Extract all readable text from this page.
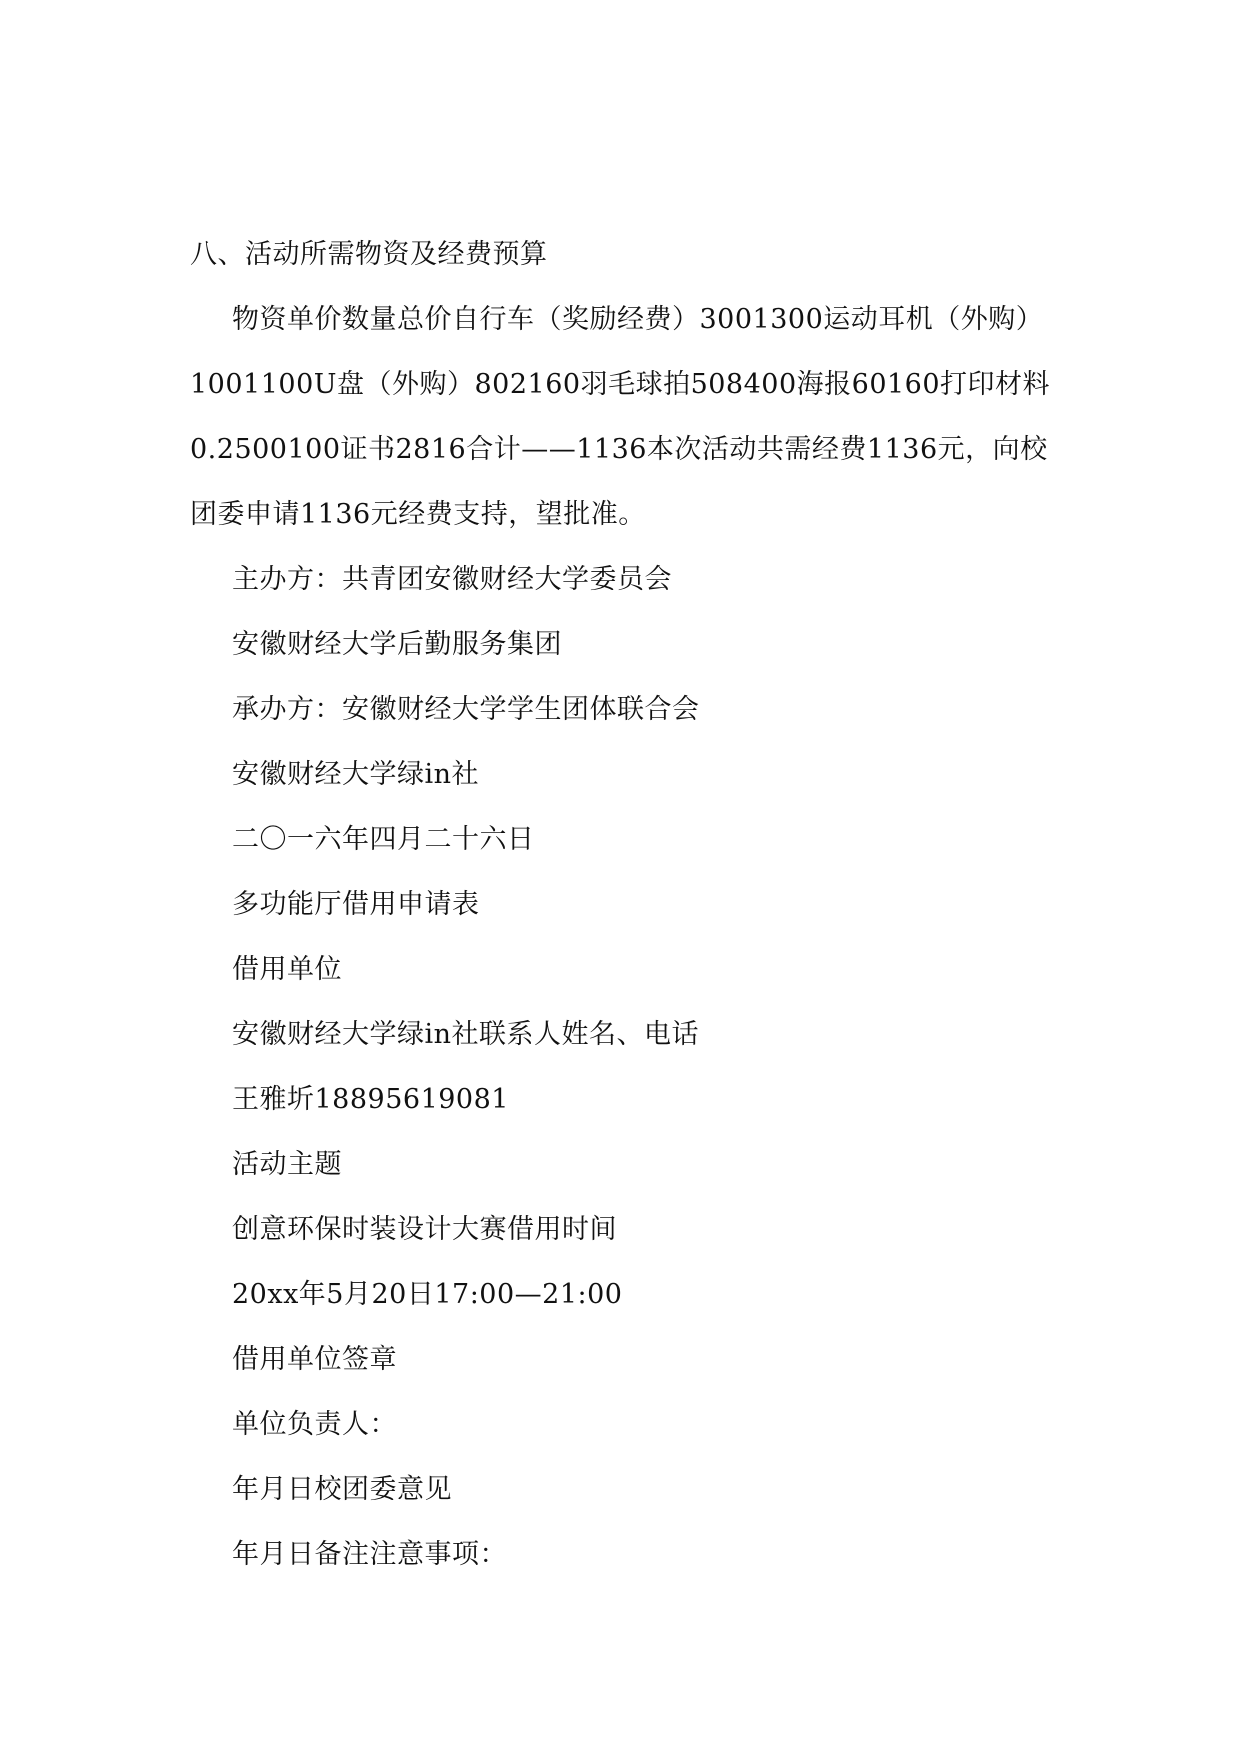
八、活动所需物资及经费预算
物资单价数量总价自行车（奖励经费）3001300运动耳机（外购）
1001100U盘（外购）802160羽毛球拍508400海报60160打印材料
0.2500100证书2816合计——1136本次活动共需经费1136元，向校
团委申请1136元经费支持，望批准。
主办方：共青团安徽财经大学委员会
安徽财经大学后勤服务集团
承办方：安徽财经大学学生团体联合会
安徽财经大学绿in社
二〇一六年四月二十六日
多功能厅借用申请表
借用单位
安徽财经大学绿in社联系人姓名、电话
王雅圻18895619081
活动主题
创意环保时装设计大赛借用时间
20xx年5月20日17:00—21:00
借用单位签章
单位负责人：
年月日校团委意见
年月日备注注意事项：
